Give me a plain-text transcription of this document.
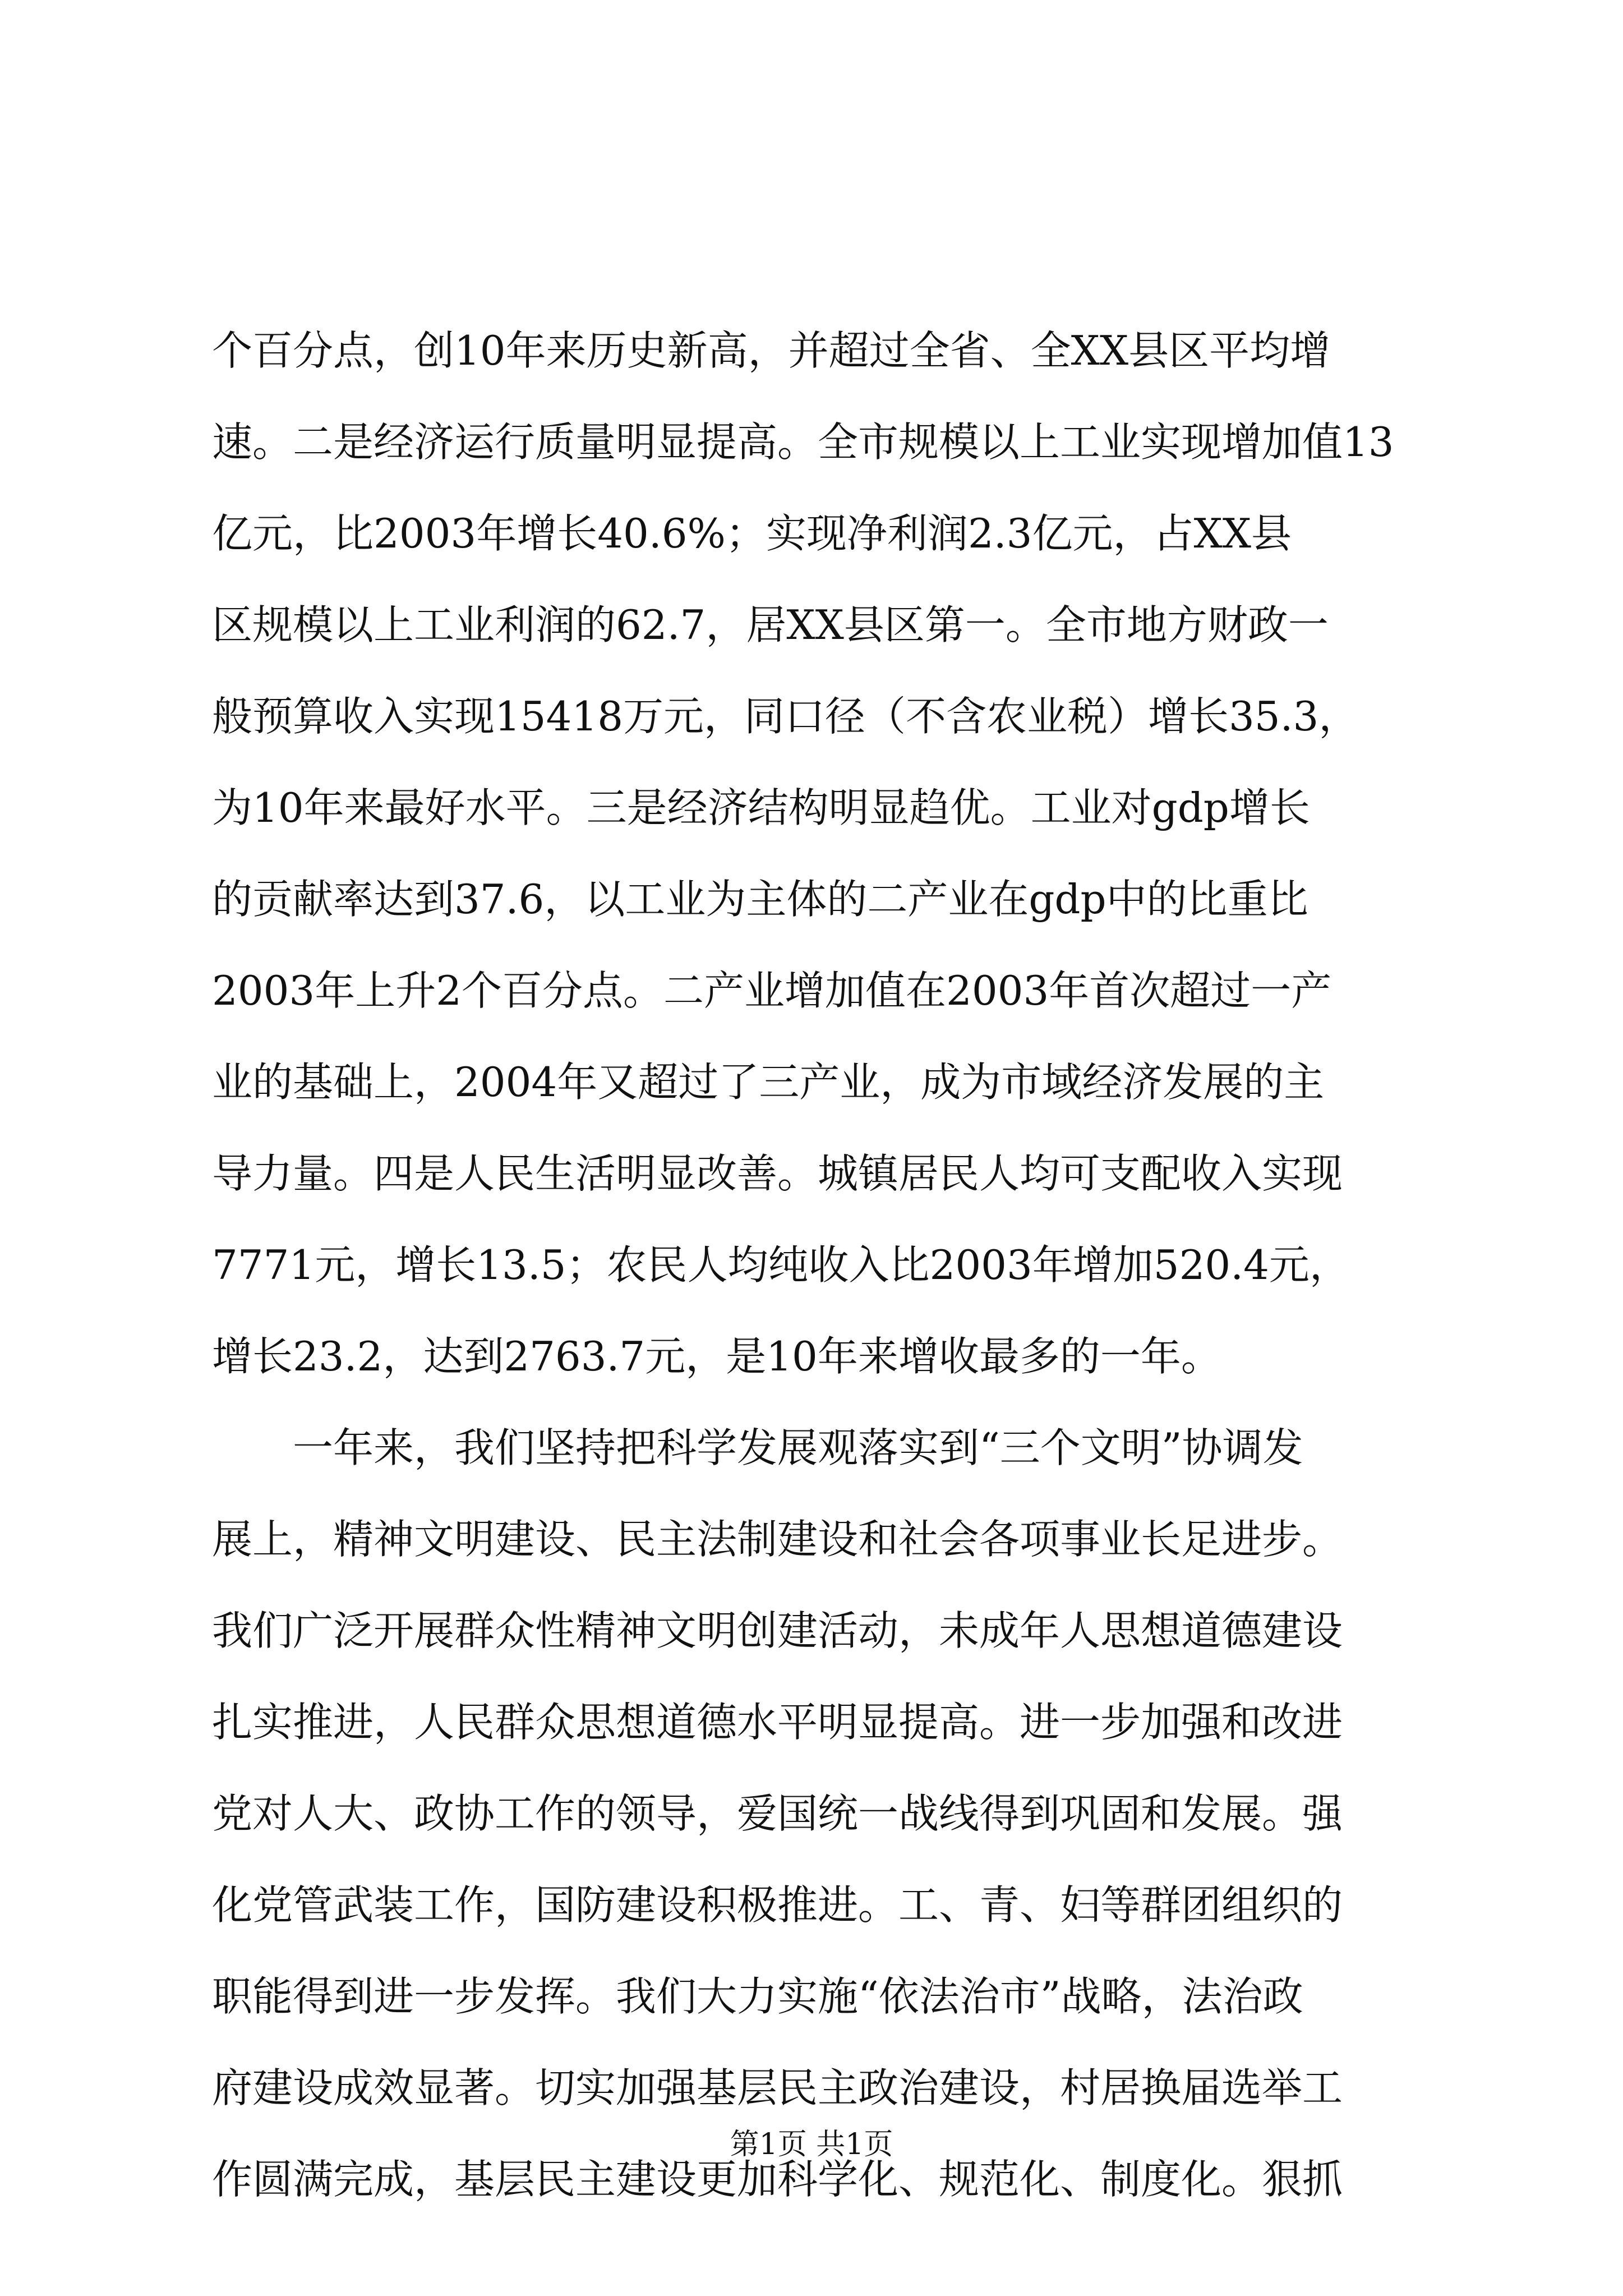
个百分点，创10年来历史新高，并超过全省、全XX县区平均增
速。二是经济运行质量明显提高。全市规模以上工业实现增加值13
亿元，比2003年增长40.6%；实现净利润2.3亿元，占XX县
区规模以上工业利润的62.7，居XX县区第一。全市地方财政一
般预算收入实现15418万元，同口径（不含农业税）增长35.3，
为10年来最好水平。三是经济结构明显趋优。工业对gdp增长
的贡献率达到37.6，以工业为主体的二产业在gdp中的比重比
2003年上升2个百分点。二产业增加值在2003年首次超过一产
业的基础上，2004年又超过了三产业，成为市域经济发展的主
导力量。四是人民生活明显改善。城镇居民人均可支配收入实现
7771元，增长13.5；农民人均纯收入比2003年增加520.4元，
增长23.2，达到2763.7元，是10年来增收最多的一年。
　　一年来，我们坚持把科学发展观落实到“三个文明”协调发
展上，精神文明建设、民主法制建设和社会各项事业长足进步。
我们广泛开展群众性精神文明创建活动，未成年人思想道德建设
扎实推进，人民群众思想道德水平明显提高。进一步加强和改进
党对人大、政协工作的领导，爱国统一战线得到巩固和发展。强
化党管武装工作，国防建设积极推进。工、青、妇等群团组织的
职能得到进一步发挥。我们大力实施“依法治市”战略，法治政
府建设成效显著。切实加强基层民主政治建设，村居换届选举工
作圆满完成，基层民主建设更加科学化、规范化、制度化。狠抓
第1页 共1页
